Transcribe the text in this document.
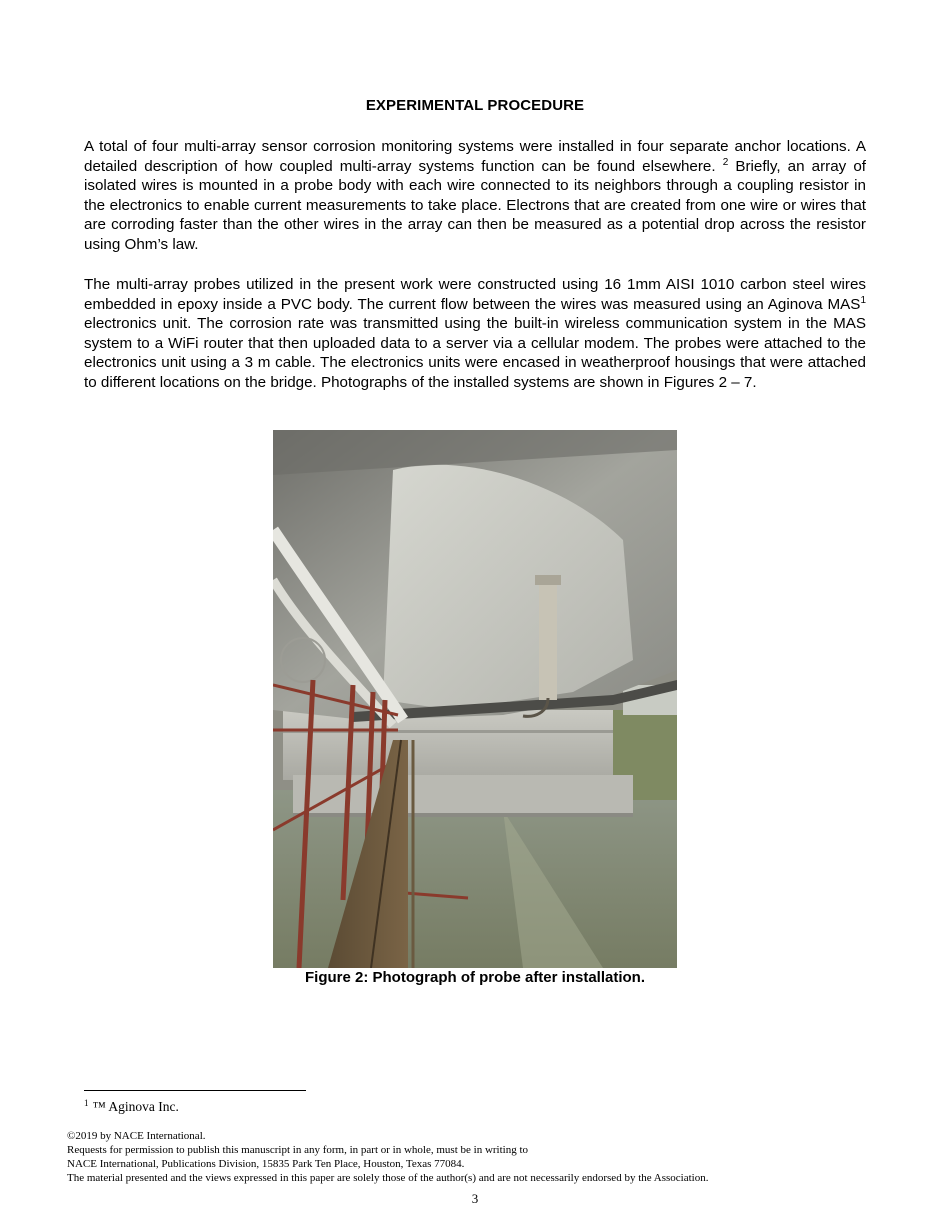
EXPERIMENTAL PROCEDURE

A total of four multi-array sensor corrosion monitoring systems were installed in four separate anchor locations. A detailed description of how coupled multi-array systems function can be found elsewhere. $^2$ Briefly, an array of isolated wires is mounted in a probe body with each wire connected to its neighbors through a coupling resistor in the electronics to enable current measurements to take place. Electrons that are created from one wire or wires that are corroding faster than the other wires in the array can then be measured as a potential drop across the resistor using Ohm’s law.

The multi-array probes utilized in the present work were constructed using 16 1mm AISI 1010 carbon steel wires embedded in epoxy inside a PVC body. The current flow between the wires was measured using an Aginova MAS$^1$ electronics unit. The corrosion rate was transmitted using the built-in wireless communication system in the MAS system to a WiFi router that then uploaded data to a server via a cellular modem. The probes were attached to the electronics unit using a 3 m cable. The electronics units were encased in weatherproof housings that were attached to different locations on the bridge. Photographs of the installed systems are shown in Figures 2 – 7.

Figure 2: Photograph of probe after installation.
$^1$ ™ Aginova Inc.
©2019 by NACE International.
Requests for permission to publish this manuscript in any form, in part or in whole, must be in writing to
NACE International, Publications Division, 15835 Park Ten Place, Houston, Texas 77084.
The material presented and the views expressed in this paper are solely those of the author(s) and are not necessarily endorsed by the Association.
3
